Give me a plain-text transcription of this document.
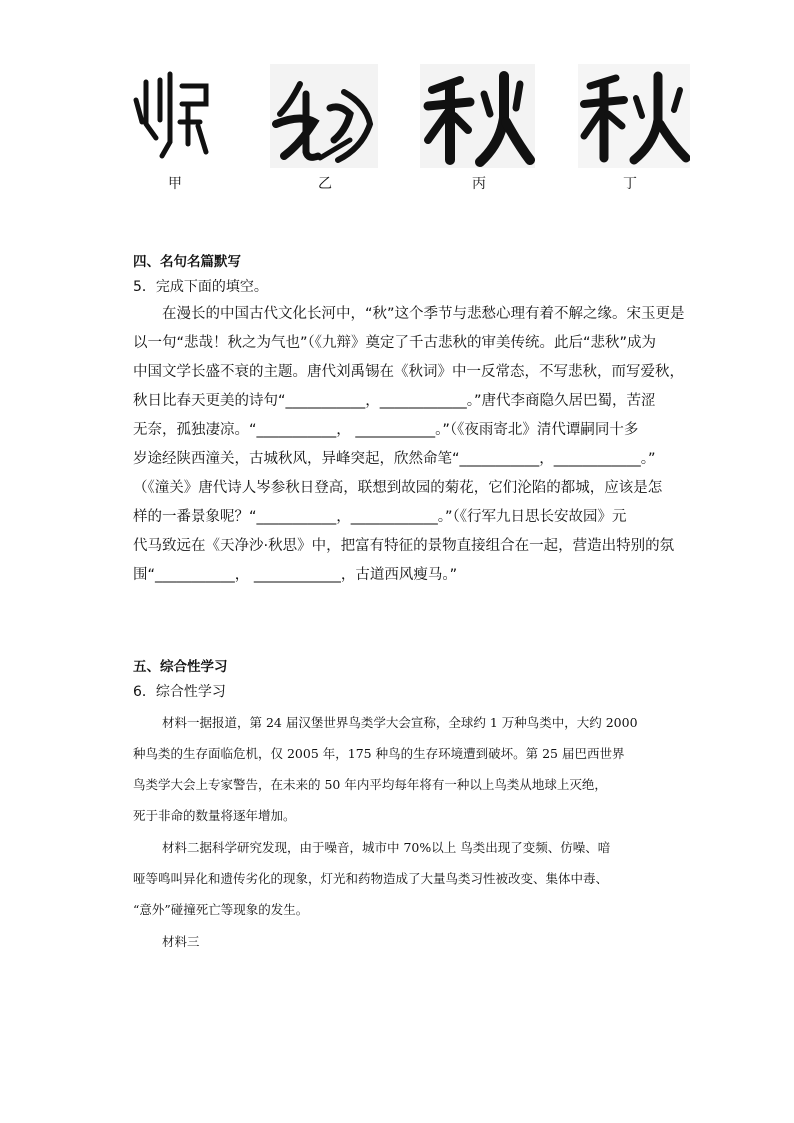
甲	乙	丙	丁
四、名句名篇默写
5．完成下面的填空。
在漫长的中国古代文化长河中，“秋”这个季节与悲愁心理有着不解之缘。宋玉更是
以一句“悲哉！秋之为气也”（《九辩》奠定了千古悲秋的审美传统。此后“悲秋”成为
中国文学长盛不衰的主题。唐代刘禹锡在《秋词》中一反常态，不写悲秋，而写爱秋，
秋日比春天更美的诗句“___________，____________。”唐代李商隐久居巴蜀，苦涩
无奈，孤独凄凉。“___________， ___________。”（《夜雨寄北》清代谭嗣同十多
岁途经陕西潼关，古城秋风，异峰突起，欣然命笔“___________，____________。”
（《潼关》唐代诗人岑参秋日登高，联想到故园的菊花，它们沦陷的都城，应该是怎
样的一番景象呢？“___________，____________。”（《行军九日思长安故园》元
代马致远在《天净沙·秋思》中，把富有特征的景物直接组合在一起，营造出特别的氛
围“___________， ____________，古道西风瘦马。”
五、综合性学习
6．综合性学习
材料一据报道，第 24 届汉堡世界鸟类学大会宣称，全球约 1 万种鸟类中，大约 2000
种鸟类的生存面临危机，仅 2005 年，175 种鸟的生存环境遭到破坏。第 25 届巴西世界
鸟类学大会上专家警告，在未来的 50 年内平均每年将有一种以上鸟类从地球上灭绝，
死于非命的数量将逐年增加。
材料二据科学研究发现，由于噪音，城市中 70%以上 鸟类出现了变频、仿噪、喑
哑等鸣叫异化和遗传劣化的现象，灯光和药物造成了大量鸟类习性被改变、集体中毒、
“意外”碰撞死亡等现象的发生。
材料三
